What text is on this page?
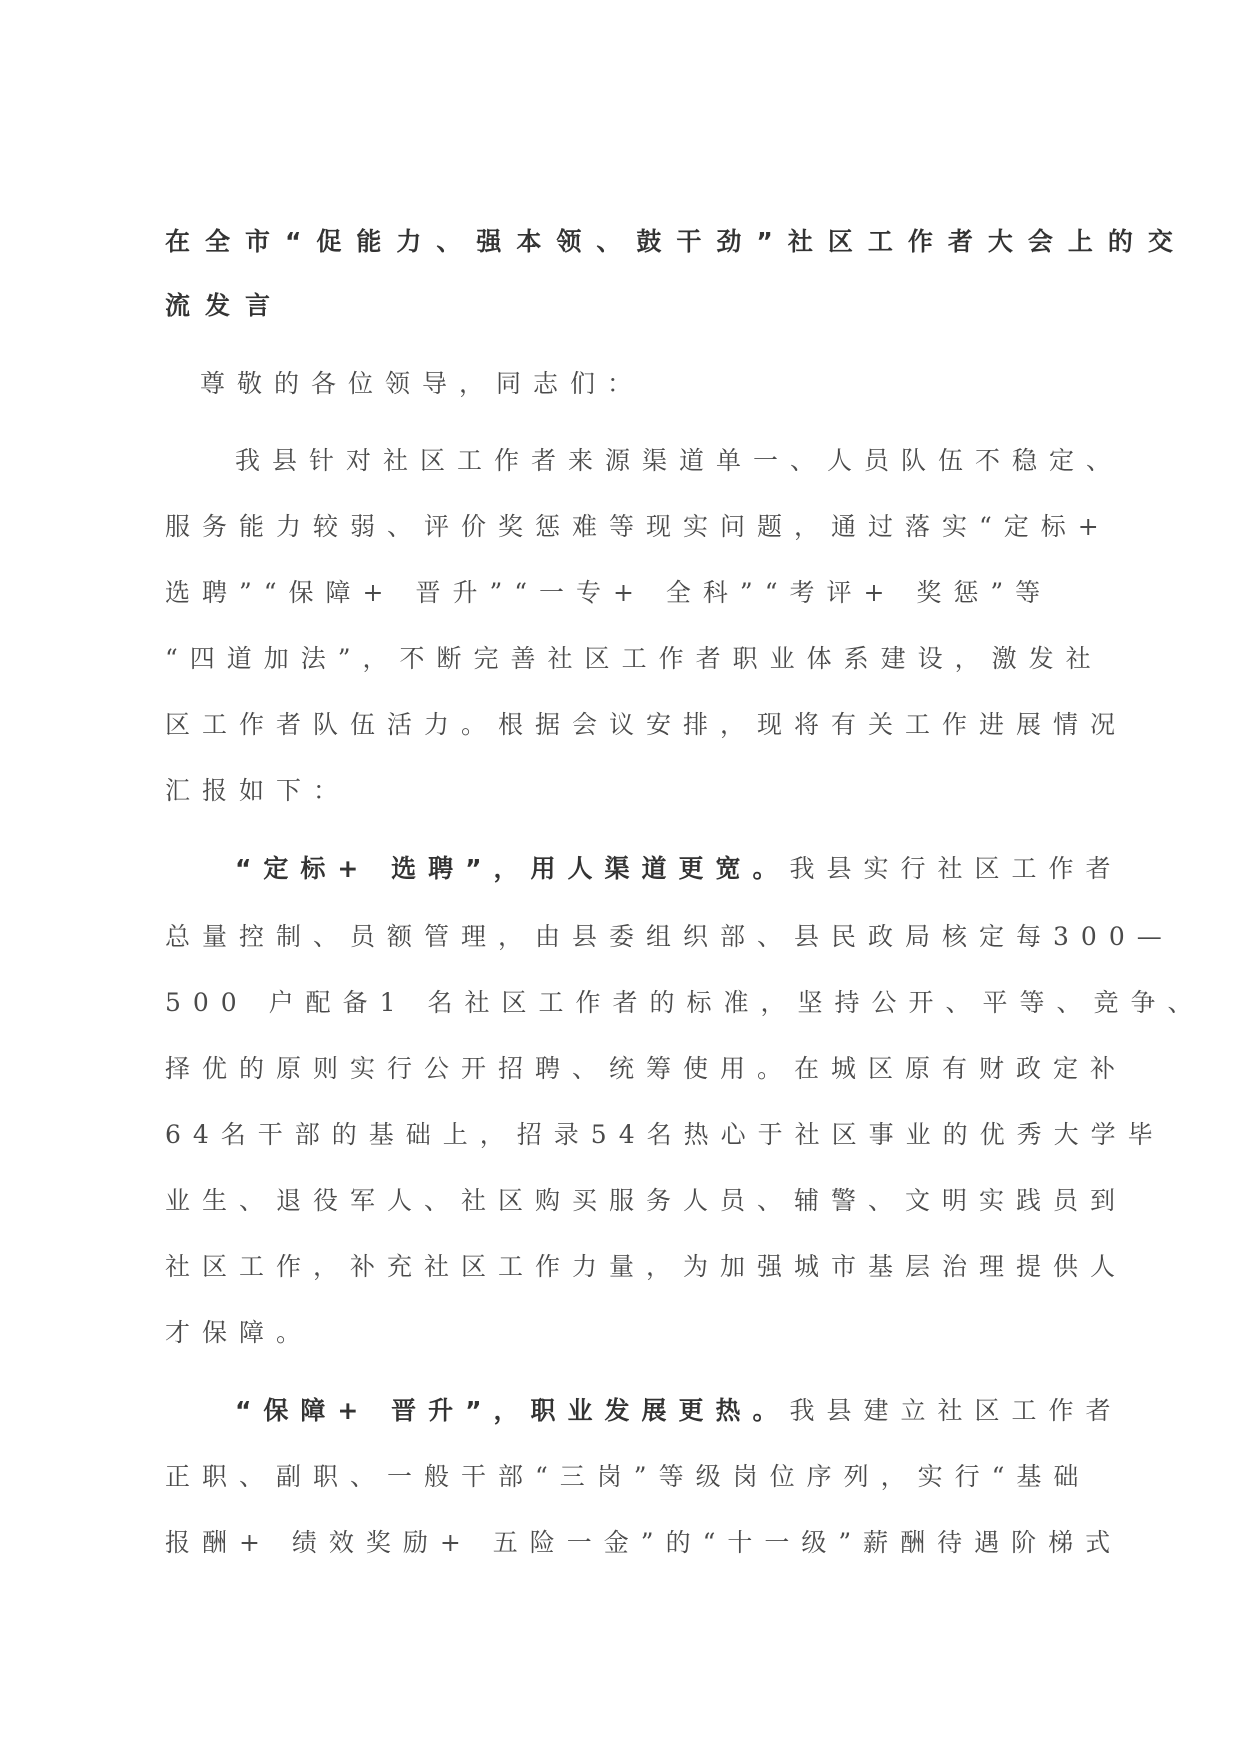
在全市“促能力、强本领、鼓干劲”社区工作者大会上的交
流发言
尊敬的各位领导，同志们：
我县针对社区工作者来源渠道单一、人员队伍不稳定、
服务能力较弱、评价奖惩难等现实问题，通过落实“定标+
选聘”“保障+ 晋升”“一专+ 全科”“考评+ 奖惩”等
“四道加法”，不断完善社区工作者职业体系建设，激发社
区工作者队伍活力。根据会议安排，现将有关工作进展情况
汇报如下：
“定标+ 选聘”，用人渠道更宽。我县实行社区工作者
总量控制、员额管理，由县委组织部、县民政局核定每300—
500 户配备1 名社区工作者的标准，坚持公开、平等、竞争、
择优的原则实行公开招聘、统筹使用。在城区原有财政定补
64名干部的基础上，招录54名热心于社区事业的优秀大学毕
业生、退役军人、社区购买服务人员、辅警、文明实践员到
社区工作，补充社区工作力量，为加强城市基层治理提供人
才保障。
“保障+ 晋升”，职业发展更热。我县建立社区工作者
正职、副职、一般干部“三岗”等级岗位序列，实行“基础
报酬+ 绩效奖励+ 五险一金”的“十一级”薪酬待遇阶梯式
